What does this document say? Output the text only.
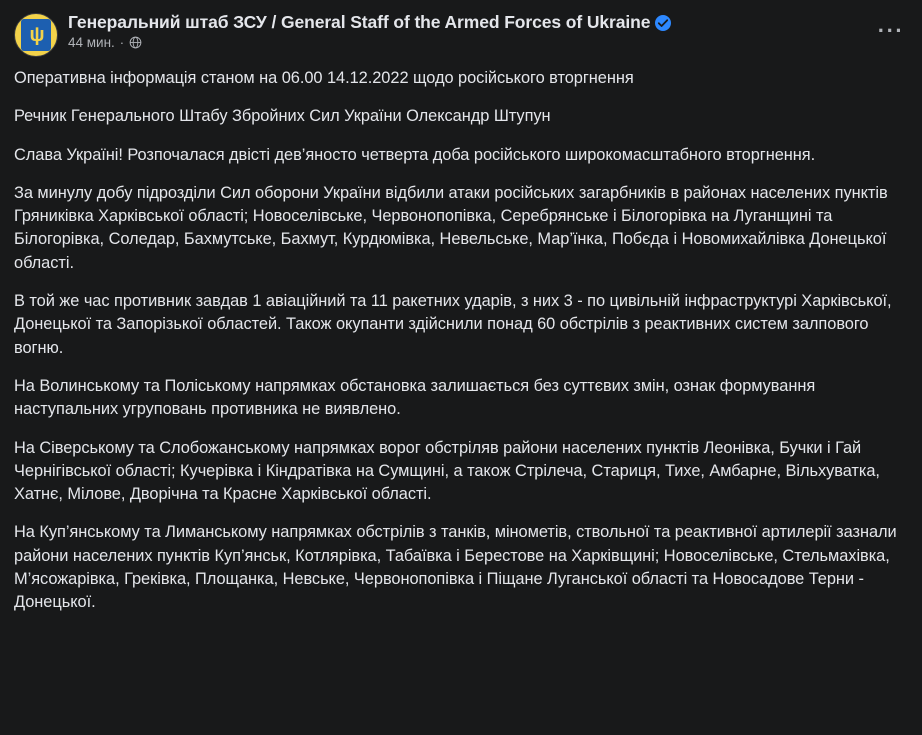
ψ
Генеральний штаб ЗСУ / General Staff of the Armed Forces of Ukraine
44 мин. ·	···

Оперативна інформація станом на 06.00 14.12.2022 щодо російського вторгнення

Речник Генерального Штабу Збройних Сил України Олександр Штупун

Слава Україні! Розпочалася двісті дев’яносто четверта доба російського широкомасштабного вторгнення.

За минулу добу підрозділи Сил оборони України відбили атаки російських загарбників в районах населених пунктів Гряниківка Харківської області; Новоселівське, Червонопопівка, Серебрянське і Білогорівка на Луганщині та Білогорівка, Соледар, Бахмутське, Бахмут, Курдюмівка, Невельське, Мар’їнка, Побєда і Новомихайлівка Донецької області.

В той же час противник завдав 1 авіаційний та 11 ракетних ударів, з них 3 - по цивільній інфраструктурі Харківської, Донецької та Запорізької областей. Також окупанти здійснили понад 60 обстрілів з реактивних систем залпового вогню.

На Волинському та Поліському напрямках обстановка залишається без суттєвих змін, ознак формування наступальних угруповань противника не виявлено.

На Сіверському та Слобожанському напрямках ворог обстріляв райони населених пунктів Леонівка, Бучки і Гай Чернігівської області; Кучерівка і Кіндратівка на Сумщині, а також Стрілеча, Стариця, Тихе, Амбарне, Вільхуватка, Хатнє, Мілове, Дворічна та Красне Харківської області.

На Куп’янському та Лиманському напрямках обстрілів з танків, мінометів, ствольної та реактивної артилерії зазнали райони населених пунктів Куп’янськ, Котлярівка, Табаївка і Берестове на Харківщині; Новоселівське, Стельмахівка, М’ясожарівка, Греківка, Площанка, Невське, Червонопопівка і Піщане Луганської області та Новосадове Терни - Донецької.
